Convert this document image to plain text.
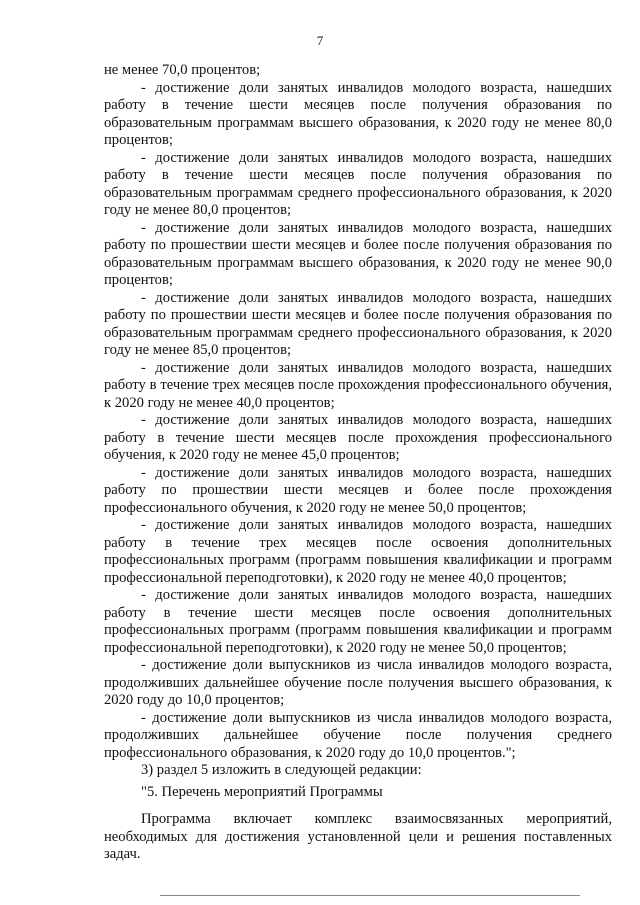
7

не менее 70,0 процентов;

- достижение доли занятых инвалидов молодого возраста, нашедших работу в течение шести месяцев после получения образования по образовательным программам высшего образования, к 2020 году не менее 80,0 процентов;

- достижение доли занятых инвалидов молодого возраста, нашедших работу в течение шести месяцев после получения образования по образовательным программам среднего профессионального образования, к 2020 году не менее 80,0 процентов;

- достижение доли занятых инвалидов молодого возраста, нашедших работу по прошествии шести месяцев и более после получения образования по образовательным программам высшего образования, к 2020 году не менее 90,0 процентов;

- достижение доли занятых инвалидов молодого возраста, нашедших работу по прошествии шести месяцев и более после получения образования по образовательным программам среднего профессионального образования, к 2020 году не менее 85,0 процентов;

- достижение доли занятых инвалидов молодого возраста, нашедших работу в течение трех месяцев после прохождения профессионального обучения, к 2020 году не менее 40,0 процентов;

- достижение доли занятых инвалидов молодого возраста, нашедших работу в течение шести месяцев после прохождения профессионального обучения, к 2020 году не менее 45,0 процентов;

- достижение доли занятых инвалидов молодого возраста, нашедших работу по прошествии шести месяцев и более после прохождения профессионального обучения, к 2020 году не менее 50,0 процентов;

- достижение доли занятых инвалидов молодого возраста, нашедших работу в течение трех месяцев после освоения дополнительных профессиональных программ (программ повышения квалификации и программ профессиональной переподготовки), к 2020 году не менее 40,0 процентов;

- достижение доли занятых инвалидов молодого возраста, нашедших работу в течение шести месяцев после освоения дополнительных профессиональных программ (программ повышения квалификации и программ профессиональной переподготовки), к 2020 году не менее 50,0 процентов;

- достижение доли выпускников из числа инвалидов молодого возраста, продолживших дальнейшее обучение после получения высшего образования, к 2020 году до 10,0 процентов;

- достижение доли выпускников из числа инвалидов молодого возраста, продолживших дальнейшее обучение после получения среднего профессионального образования, к 2020 году до 10,0 процентов.";

3) раздел 5 изложить в следующей редакции:

"5. Перечень мероприятий Программы

Программа включает комплекс взаимосвязанных мероприятий, необходимых для достижения установленной цели и решения поставленных задач.
